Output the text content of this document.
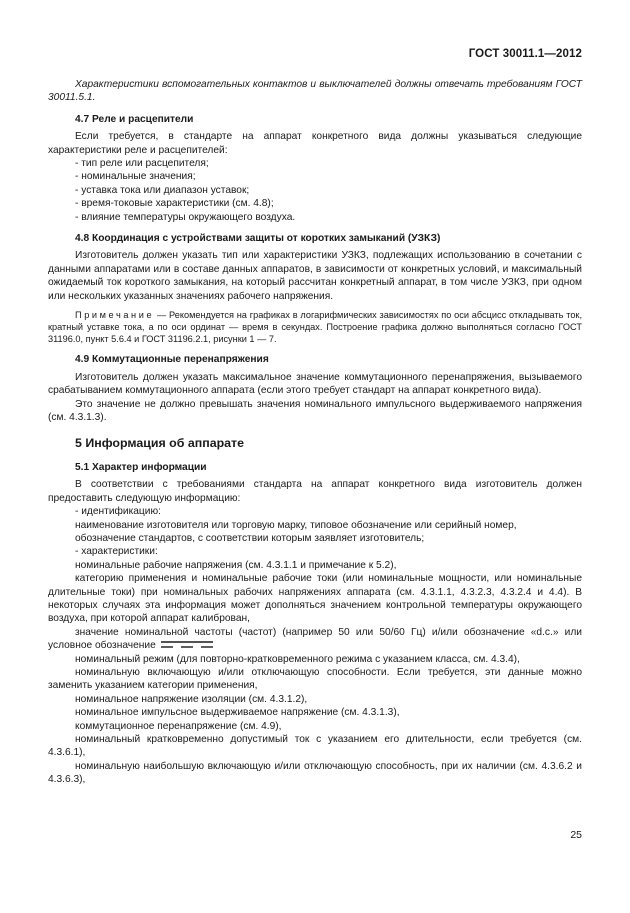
ГОСТ 30011.1—2012

Характеристики вспомогательных контактов и выключателей должны отвечать требованиям ГОСТ 30011.5.1.

4.7 Реле и расцепители

Если требуется, в стандарте на аппарат конкретного вида должны указываться следующие характеристики реле и расцепителей:

- тип реле или расцепителя;

- номинальные значения;

- уставка тока или диапазон уставок;

- время-токовые характеристики (см. 4.8);

- влияние температуры окружающего воздуха.

4.8 Координация с устройствами защиты от коротких замыканий (УЗКЗ)

Изготовитель должен указать тип или характеристики УЗКЗ, подлежащих использованию в сочетании с данными аппаратами или в составе данных аппаратов, в зависимости от конкретных условий, и максимальный ожидаемый ток короткого замыкания, на который рассчитан конкретный аппарат, в том числе УЗКЗ, при одном или нескольких указанных значениях рабочего напряжения.

Примечание — Рекомендуется на графиках в логарифмических зависимостях по оси абсцисс откладывать ток, кратный уставке тока, а по оси ординат — время в секундах. Построение графика должно выполняться согласно ГОСТ 31196.0, пункт 5.6.4 и ГОСТ 31196.2.1, рисунки 1 — 7.

4.9 Коммутационные перенапряжения

Изготовитель должен указать максимальное значение коммутационного перенапряжения, вызываемого срабатыванием коммутационного аппарата (если этого требует стандарт на аппарат конкретного вида).

Это значение не должно превышать значения номинального импульсного выдерживаемого напряжения (см. 4.3.1.3).

5 Информация об аппарате
5.1 Характер информации

В соответствии с требованиями стандарта на аппарат конкретного вида изготовитель должен предоставить следующую информацию:

- идентификацию:

наименование изготовителя или торговую марку, типовое обозначение или серийный номер,

обозначение стандартов, с соответствии которым заявляет изготовитель;

- характеристики:

номинальные рабочие напряжения (см. 4.3.1.1 и примечание к 5.2),

категорию применения и номинальные рабочие токи (или номинальные мощности, или номинальные длительные токи) при номинальных рабочих напряжениях аппарата (см. 4.3.1.1, 4.3.2.3, 4.3.2.4 и 4.4). В некоторых случаях эта информация может дополняться значением контрольной температуры окружающего воздуха, при которой аппарат калиброван,

значение номинальной частоты (частот) (например 50 или 50/60 Гц) и/или обозначение «d.c.» или условное обозначение

номинальный режим (для повторно-кратковременного режима с указанием класса, см. 4.3.4),

номинальную включающую и/или отключающую способности. Если требуется, эти данные можно заменить указанием категории применения,

номинальное напряжение изоляции (см. 4.3.1.2),

номинальное импульсное выдерживаемое напряжение (см. 4.3.1.3),

коммутационное перенапряжение (см. 4.9),

номинальный кратковременно допустимый ток с указанием его длительности, если требуется (см. 4.3.6.1),

номинальную наибольшую включающую и/или отключающую способность, при их наличии (см. 4.3.6.2 и 4.3.6.3),

25
